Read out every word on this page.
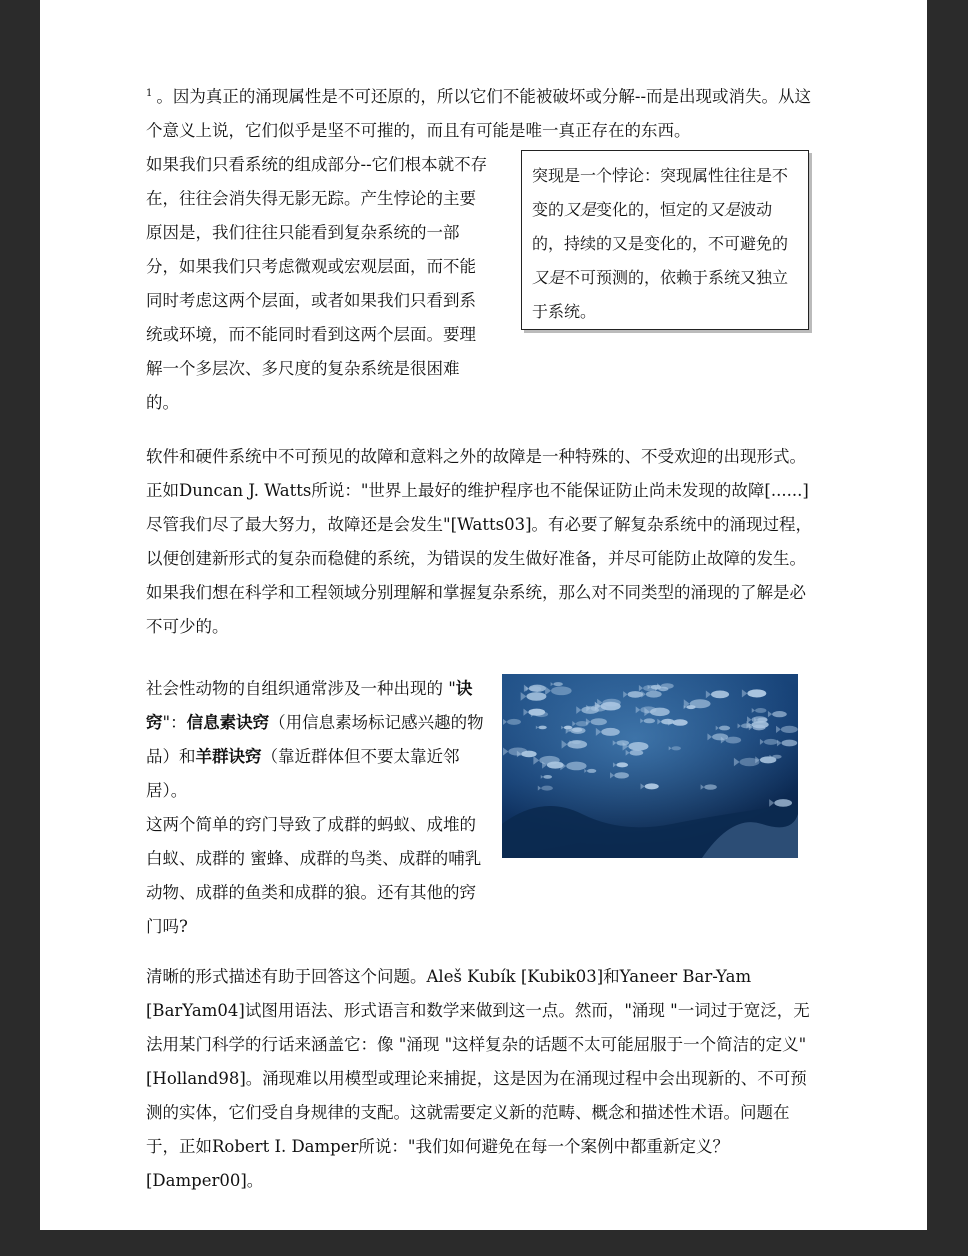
$^1$ 。因为真正的涌现属性是不可还原的，所以它们不能被破坏或分解--而是出现或消失。从这个意义上说，它们似乎是坚不可摧的，而且有可能是唯一真正存在的东西。

如果我们只看系统的组成部分--它们根本就不存在，往往会消失得无影无踪。产生悖论的主要原因是，我们往往只能看到复杂系统的一部分，如果我们只考虑微观或宏观层面，而不能同时考虑这两个层面，或者如果我们只看到系统或环境，而不能同时看到这两个层面。要理解一个多层次、多尺度的复杂系统是很困难的。

突现是一个悖论：突现属性往往是不变的又是变化的，恒定的又是波动的，持续的又是变化的，不可避免的又是不可预测的，依赖于系统又独立于系统。

软件和硬件系统中不可预见的故障和意料之外的故障是一种特殊的、不受欢迎的出现形式。正如Duncan J. Watts所说："世界上最好的维护程序也不能保证防止尚未发现的故障[......]尽管我们尽了最大努力，故障还是会发生"[Watts03]。有必要了解复杂系统中的涌现过程，以便创建新形式的复杂而稳健的系统，为错误的发生做好准备，并尽可能防止故障的发生。如果我们想在科学和工程领域分别理解和掌握复杂系统，那么对不同类型的涌现的了解是必不可少的。

社会性动物的自组织通常涉及一种出现的 "诀窍"：信息素诀窍（用信息素场标记感兴趣的物品）和羊群诀窍（靠近群体但不要太靠近邻居）。
这两个简单的窍门导致了成群的蚂蚁、成堆的白蚁、成群的 蜜蜂、成群的鸟类、成群的哺乳动物、成群的鱼类和成群的狼。还有其他的窍门吗?

清晰的形式描述有助于回答这个问题。Aleš Kubík [Kubik03]和Yaneer Bar-Yam [BarYam04]试图用语法、形式语言和数学来做到这一点。然而，"涌现 "一词过于宽泛，无法用某门科学的行话来涵盖它：像 "涌现 "这样复杂的话题不太可能屈服于一个简洁的定义"[Holland98]。涌现难以用模型或理论来捕捉，这是因为在涌现过程中会出现新的、不可预测的实体，它们受自身规律的支配。这就需要定义新的范畴、概念和描述性术语。问题在于，正如Robert I. Damper所说："我们如何避免在每一个案例中都重新定义？[Damper00]。
